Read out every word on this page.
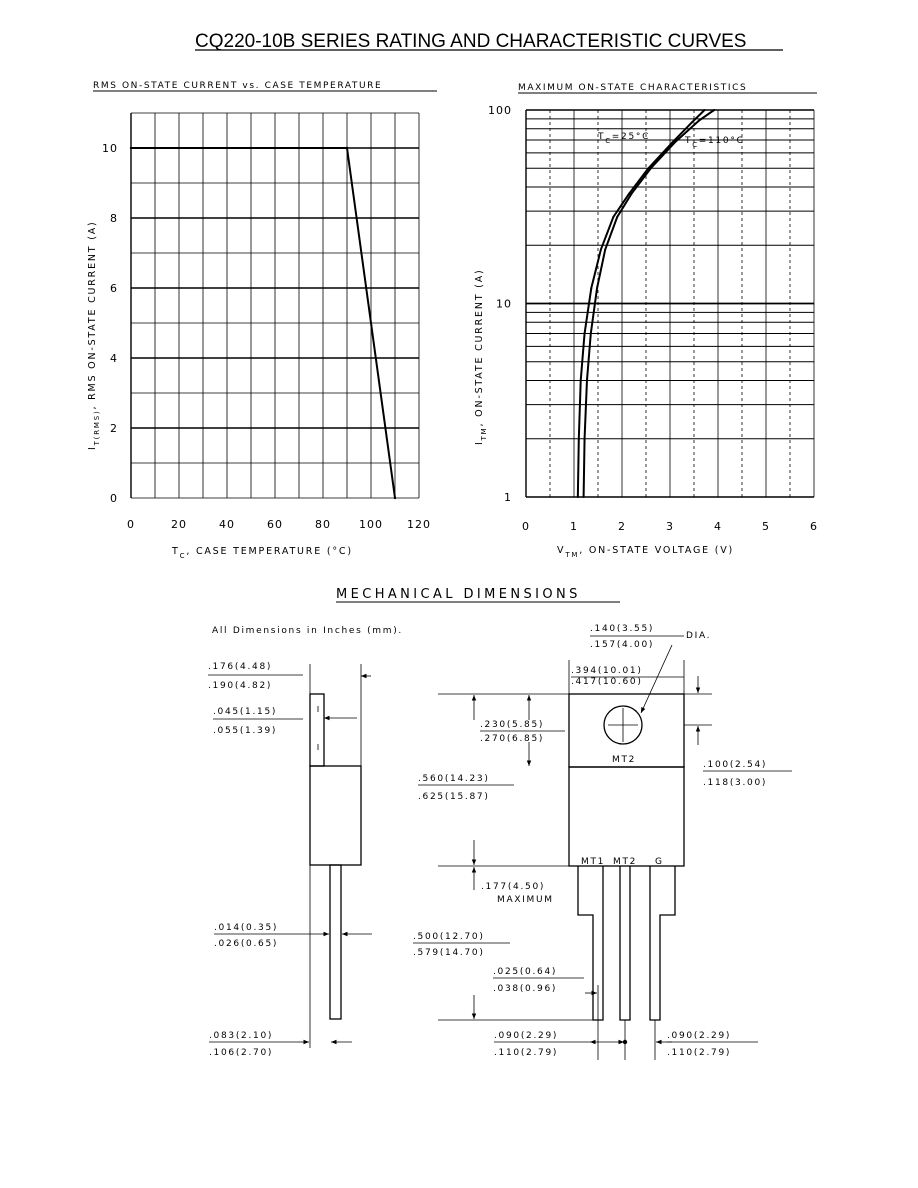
CQ220-10B SERIES RATING AND CHARACTERISTIC CURVES
RMS ON-STATE CURRENT vs. CASE TEMPERATURE
0	20	40	60	80	100 120
0
2
4
6
8
10
$T_C$, CASE TEMPERATURE (°C)
$I_{T(RMS)}$, RMS ON-STATE CURRENT (A)
MAXIMUM ON-STATE CHARACTERISTICS
0	1	2	3	4	5	6
1
10
100
$T_C=25^\circ C$	$T_C=110^\circ C$
$V_{TM}$, ON-STATE VOLTAGE (V)
$I_{TM}$, ON-STATE CURRENT (A)
MECHANICAL DIMENSIONS
All Dimensions in Inches (mm).
.176(4.48)
.190(4.82)
.045(1.15)
.055(1.39)
.014(0.35)
.026(0.65)
.083(2.10)
.106(2.70)
MT2
MT1 MT2 G
.140(3.55)
.157(4.00)
DIA.
.394(10.01)
.417(10.60)
.230(5.85)
.270(6.85)
.100(2.54)
.118(3.00)
.560(14.23)
.625(15.87)
.177(4.50)
MAXIMUM
.500(12.70)
.579(14.70)
.025(0.64)
.038(0.96)
.090(2.29)
.110(2.79)
.090(2.29)
.110(2.79)
